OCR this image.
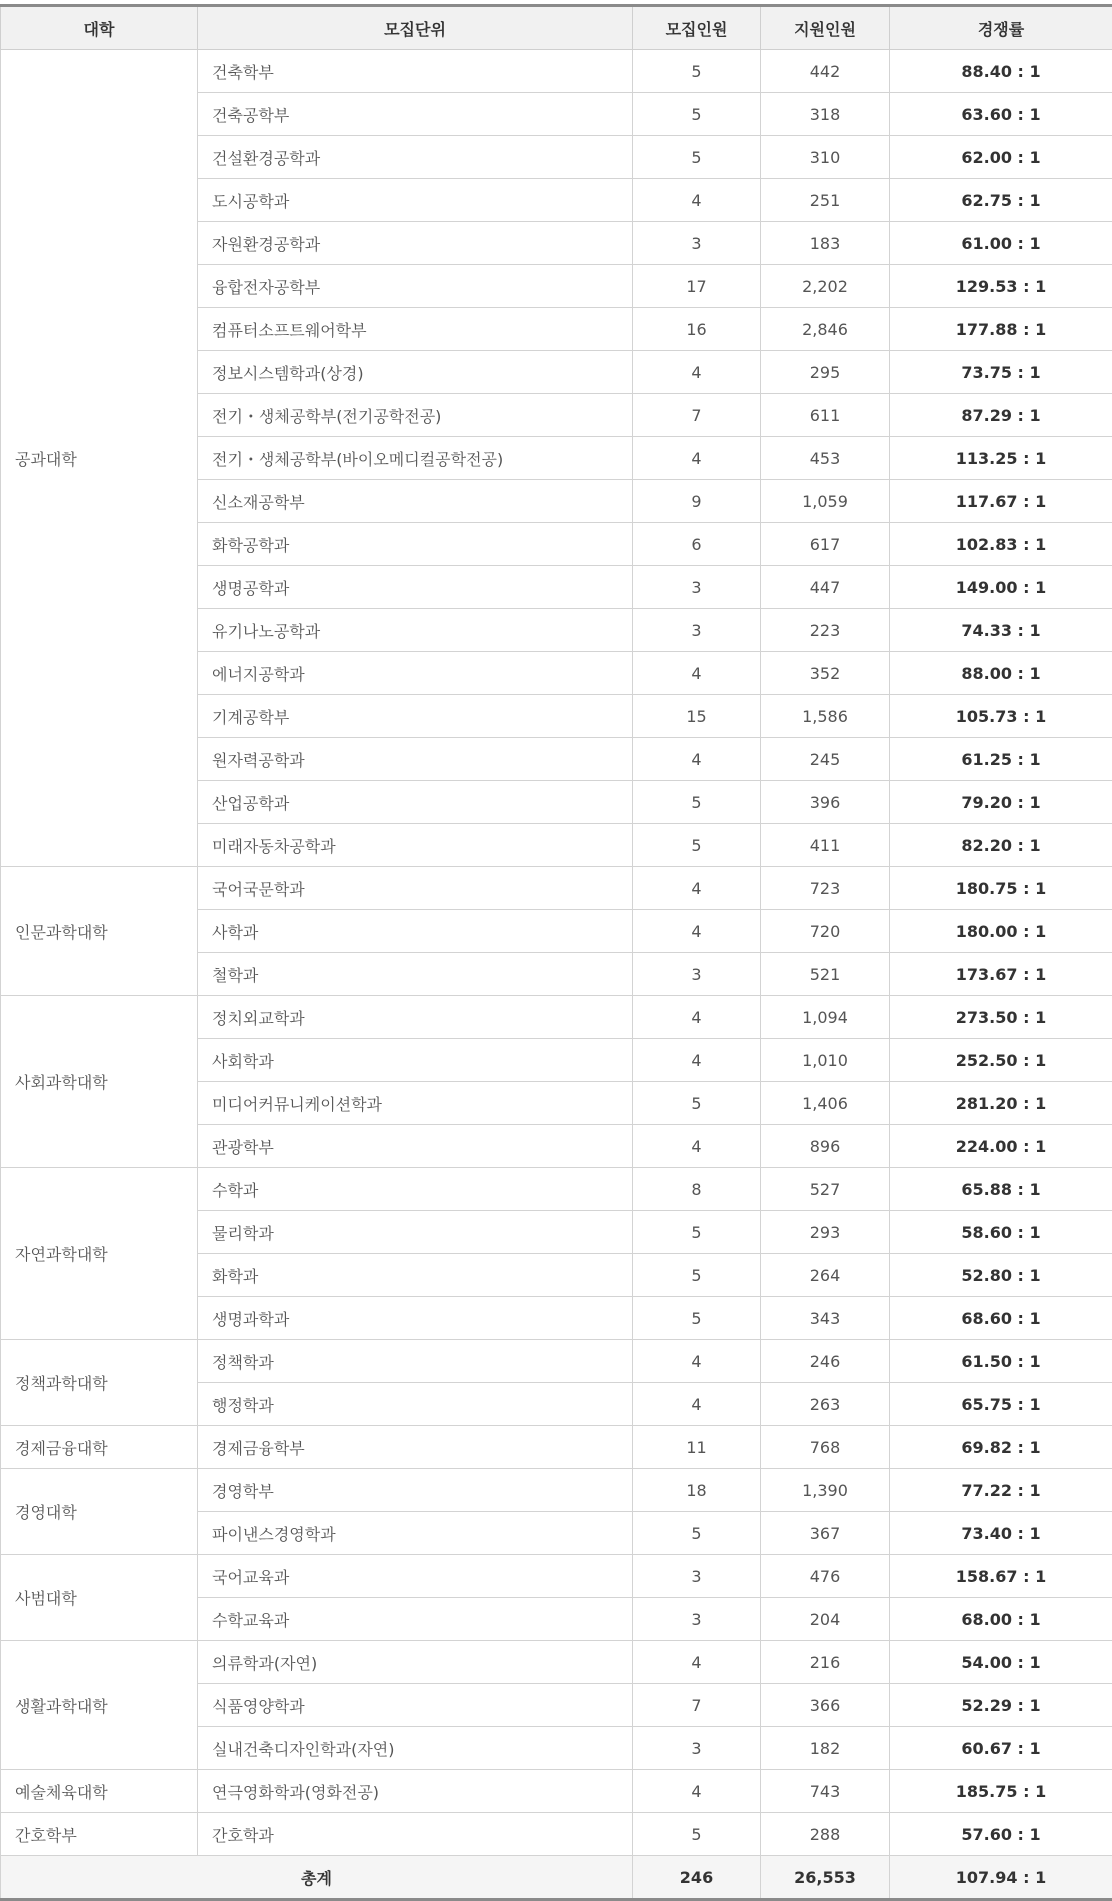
대학	모집단위	모집인원	지원인원	경쟁률
공과대학	건축학부	5	442	88.40 : 1
	건축공학부	5	318	63.60 : 1
	건설환경공학과	5	310	62.00 : 1
	도시공학과	4	251	62.75 : 1
	자원환경공학과	3	183	61.00 : 1
	융합전자공학부	17	2,202	129.53 : 1
	컴퓨터소프트웨어학부	16	2,846	177.88 : 1
	정보시스템학과(상경)	4	295	73.75 : 1
	전기・생체공학부(전기공학전공)	7	611	87.29 : 1
	전기・생체공학부(바이오메디컬공학전공)	4	453	113.25 : 1
	신소재공학부	9	1,059	117.67 : 1
	화학공학과	6	617	102.83 : 1
	생명공학과	3	447	149.00 : 1
	유기나노공학과	3	223	74.33 : 1
	에너지공학과	4	352	88.00 : 1
	기계공학부	15	1,586	105.73 : 1
	원자력공학과	4	245	61.25 : 1
	산업공학과	5	396	79.20 : 1
	미래자동차공학과	5	411	82.20 : 1
인문과학대학	국어국문학과	4	723	180.75 : 1
	사학과	4	720	180.00 : 1
	철학과	3	521	173.67 : 1
사회과학대학	정치외교학과	4	1,094	273.50 : 1
	사회학과	4	1,010	252.50 : 1
	미디어커뮤니케이션학과	5	1,406	281.20 : 1
	관광학부	4	896	224.00 : 1
자연과학대학	수학과	8	527	65.88 : 1
	물리학과	5	293	58.60 : 1
	화학과	5	264	52.80 : 1
	생명과학과	5	343	68.60 : 1
정책과학대학	정책학과	4	246	61.50 : 1
	행정학과	4	263	65.75 : 1
경제금융대학	경제금융학부	11	768	69.82 : 1
경영대학	경영학부	18	1,390	77.22 : 1
	파이낸스경영학과	5	367	73.40 : 1
사범대학	국어교육과	3	476	158.67 : 1
	수학교육과	3	204	68.00 : 1
생활과학대학	의류학과(자연)	4	216	54.00 : 1
	식품영양학과	7	366	52.29 : 1
	실내건축디자인학과(자연)	3	182	60.67 : 1
예술체육대학	연극영화학과(영화전공)	4	743	185.75 : 1
간호학부	간호학과	5	288	57.60 : 1
총계		246	26,553	107.94 : 1
